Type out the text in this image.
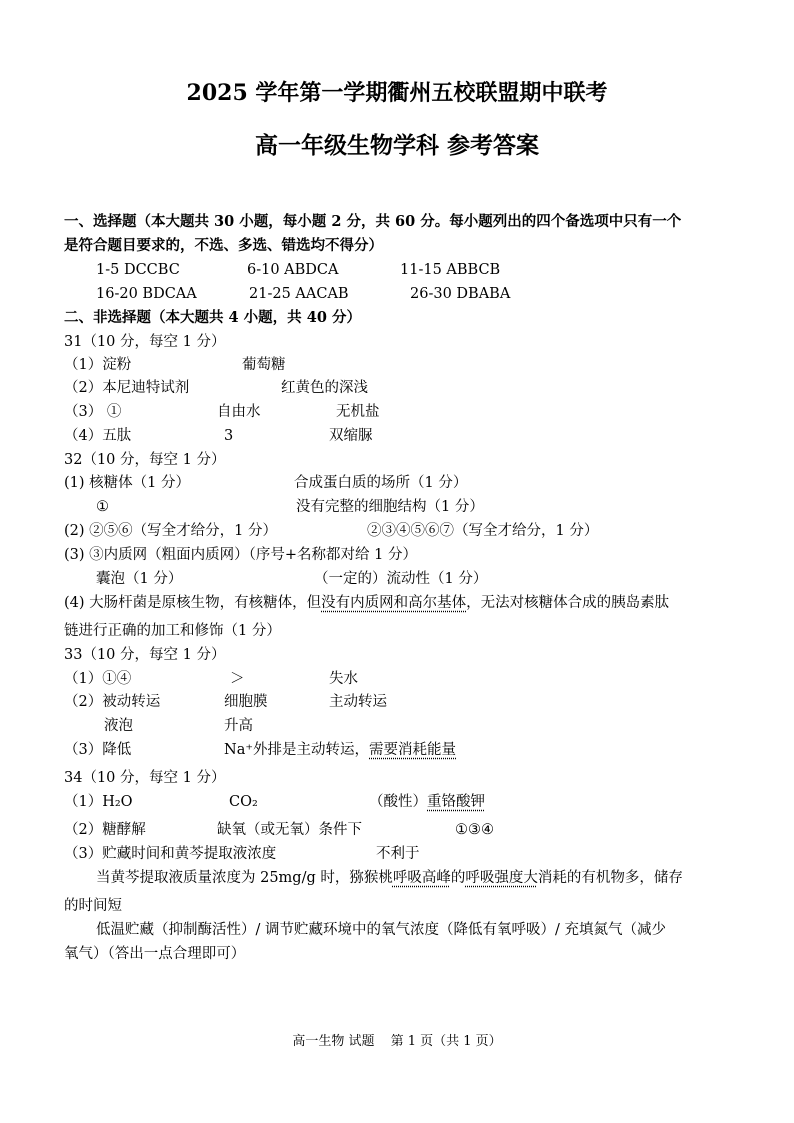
2025 学年第一学期衢州五校联盟期中联考
高一年级生物学科 参考答案
一、选择题（本大题共 30 小题，每小题 2 分，共 60 分。每小题列出的四个备选项中只有一个
是符合题目要求的，不选、多选、错选均不得分）
1-5 DCCBC	6-10 ABDCA	11-15 ABBCB
16-20 BDCAA	21-25 AACAB	26-30 DBABA
二、非选择题（本大题共 4 小题，共 40 分）
31（10 分，每空 1 分）
（1）淀粉	葡萄糖
（2）本尼迪特试剂	红黄色的深浅
（3） ①	自由水	无机盐
（4）五肽	3	双缩脲
32（10 分，每空 1 分）
(1) 核糖体（1 分）	合成蛋白质的场所（1 分）
①	没有完整的细胞结构（1 分）
(2) ②⑤⑥（写全才给分，1 分）	②③④⑤⑥⑦（写全才给分，1 分）
(3) ③内质网（粗面内质网）（序号+名称都对给 1 分）
囊泡（1 分）	（一定的）流动性（1 分）
(4) 大肠杆菌是原核生物，有核糖体，但没有内质网和高尔基体，无法对核糖体合成的胰岛素肽
链进行正确的加工和修饰（1 分）
33（10 分，每空 1 分）
（1）①④	＞	失水
（2）被动转运	细胞膜	主动转运
液泡	升高
（3）降低	Na⁺外排是主动转运，需要消耗能量
34（10 分，每空 1 分）
（1）H₂O	CO₂	（酸性）重铬酸钾
（2）糖酵解	缺氧（或无氧）条件下	①③④
（3）贮藏时间和黄芩提取液浓度	不利于
当黄芩提取液质量浓度为 25mg/g 时，猕猴桃呼吸高峰的呼吸强度大消耗的有机物多，储存
的时间短
低温贮藏（抑制酶活性）/ 调节贮藏环境中的氧气浓度（降低有氧呼吸）/ 充填氮气（减少
氧气）（答出一点合理即可）
高一生物 试题 第 1 页（共 1 页）
